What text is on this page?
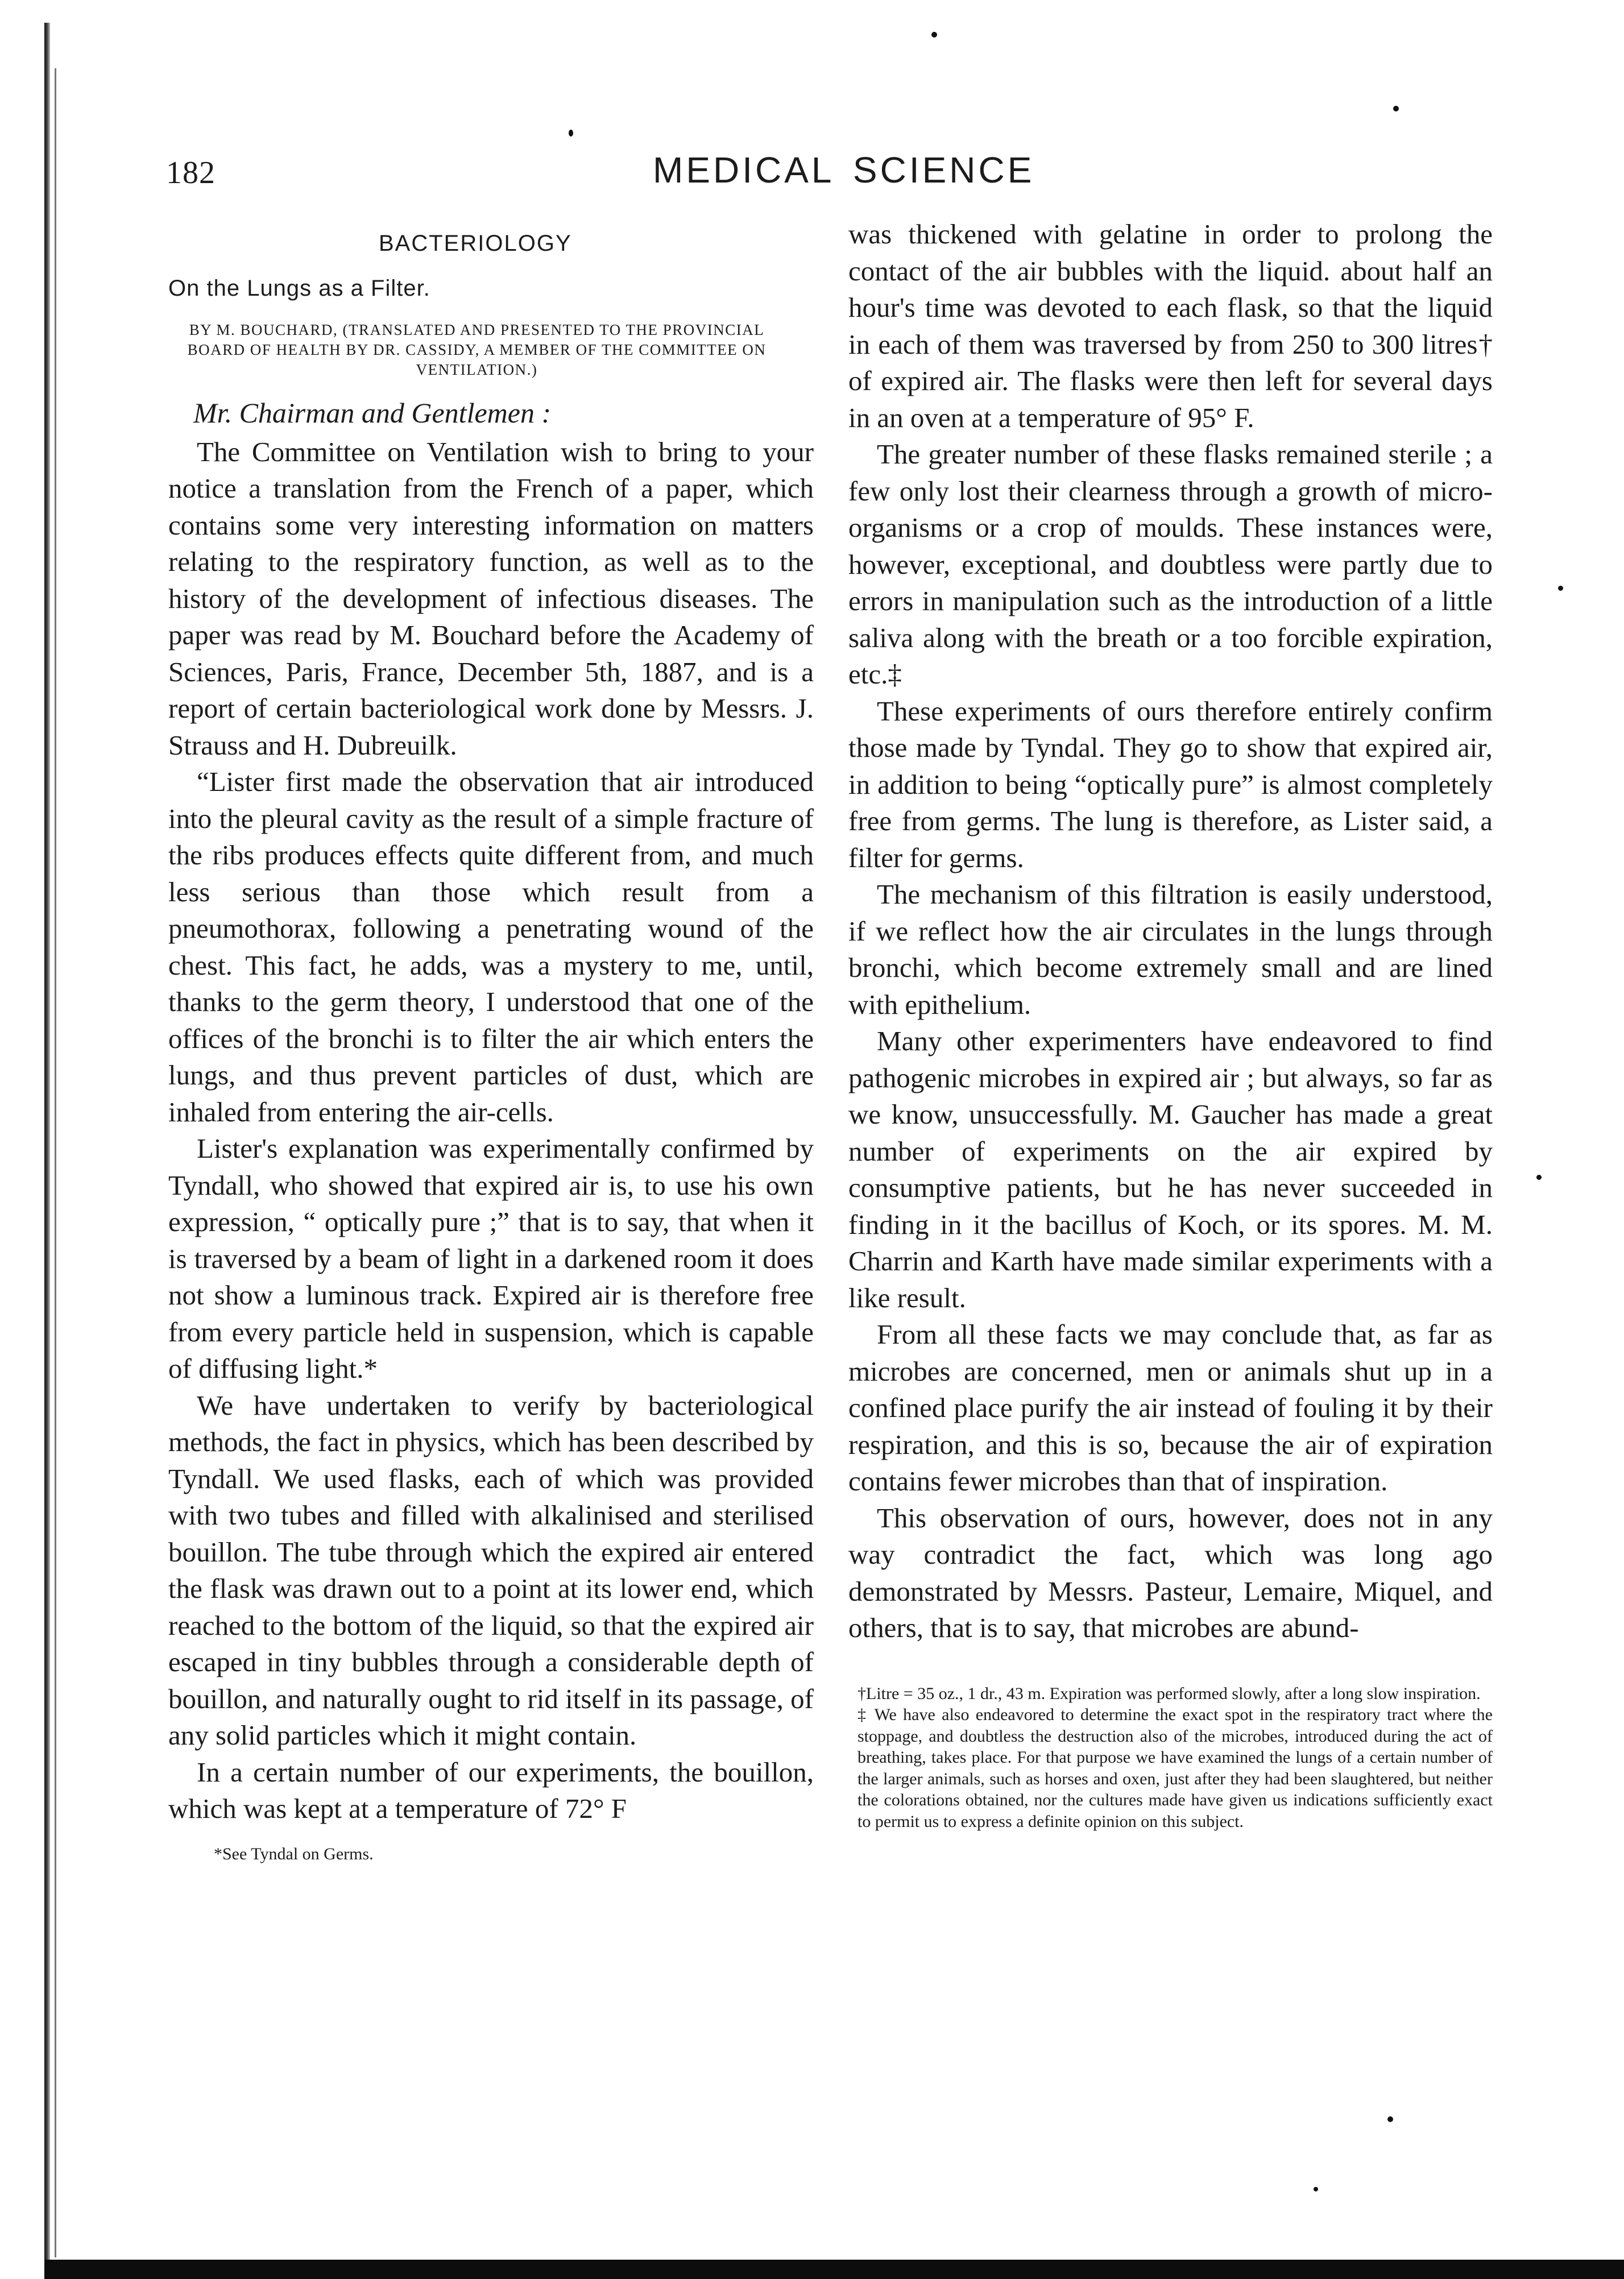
182	MEDICAL SCIENCE
BACTERIOLOGY
On the Lungs as a Filter.
BY M. BOUCHARD, (TRANSLATED AND PRESENTED TO THE PROVINCIAL BOARD OF HEALTH BY DR. CASSIDY, A MEMBER OF THE COMMITTEE ON VENTILATION.)
Mr. Chairman and Gentlemen :

The Committee on Ventilation wish to bring to your notice a translation from the French of a paper, which contains some very interesting information on matters relating to the respiratory function, as well as to the history of the development of infectious diseases. The paper was read by M. Bouchard before the Academy of Sciences, Paris, France, December 5th, 1887, and is a report of certain bacteriological work done by Messrs. J. Strauss and H. Dubreuilk.

“Lister first made the observation that air introduced into the pleural cavity as the result of a simple fracture of the ribs produces effects quite different from, and much less serious than those which result from a pneumothorax, following a penetrating wound of the chest. This fact, he adds, was a mystery to me, until, thanks to the germ theory, I understood that one of the offices of the bronchi is to filter the air which enters the lungs, and thus prevent particles of dust, which are inhaled from entering the air-cells.

Lister's explanation was experimentally confirmed by Tyndall, who showed that expired air is, to use his own expression, “ optically pure ;” that is to say, that when it is traversed by a beam of light in a darkened room it does not show a luminous track. Expired air is therefore free from every particle held in suspension, which is capable of diffusing light.*

We have undertaken to verify by bacteriological methods, the fact in physics, which has been described by Tyndall. We used flasks, each of which was provided with two tubes and filled with alkalinised and sterilised bouillon. The tube through which the expired air entered the flask was drawn out to a point at its lower end, which reached to the bottom of the liquid, so that the expired air escaped in tiny bubbles through a considerable depth of bouillon, and naturally ought to rid itself in its passage, of any solid particles which it might contain.

In a certain number of our experiments, the bouillon, which was kept at a temperature of 72° F

*See Tyndal on Germs.

was thickened with gelatine in order to prolong the contact of the air bubbles with the liquid. about half an hour's time was devoted to each flask, so that the liquid in each of them was traversed by from 250 to 300 litres† of expired air. The flasks were then left for several days in an oven at a temperature of 95° F.

The greater number of these flasks remained sterile ; a few only lost their clearness through a growth of micro-organisms or a crop of moulds. These instances were, however, exceptional, and doubtless were partly due to errors in manipulation such as the introduction of a little saliva along with the breath or a too forcible expiration, etc.‡

These experiments of ours therefore entirely confirm those made by Tyndal. They go to show that expired air, in addition to being “optically pure” is almost completely free from germs. The lung is therefore, as Lister said, a filter for germs.

The mechanism of this filtration is easily understood, if we reflect how the air circulates in the lungs through bronchi, which become extremely small and are lined with epithelium.

Many other experimenters have endeavored to find pathogenic microbes in expired air ; but always, so far as we know, unsuccessfully. M. Gaucher has made a great number of experiments on the air expired by consumptive patients, but he has never succeeded in finding in it the bacillus of Koch, or its spores. M. M. Charrin and Karth have made similar experiments with a like result.

From all these facts we may conclude that, as far as microbes are concerned, men or animals shut up in a confined place purify the air instead of fouling it by their respiration, and this is so, because the air of expiration contains fewer microbes than that of inspiration.

This observation of ours, however, does not in any way contradict the fact, which was long ago demonstrated by Messrs. Pasteur, Lemaire, Miquel, and others, that is to say, that microbes are abund-

†Litre = 35 oz., 1 dr., 43 m. Expiration was performed slowly, after a long slow inspiration.
‡ We have also endeavored to determine the exact spot in the respiratory tract where the stoppage, and doubtless the destruction also of the microbes, introduced during the act of breathing, takes place. For that purpose we have examined the lungs of a certain number of the larger animals, such as horses and oxen, just after they had been slaughtered, but neither the colorations obtained, nor the cultures made have given us indications sufficiently exact to permit us to express a definite opinion on this subject.
